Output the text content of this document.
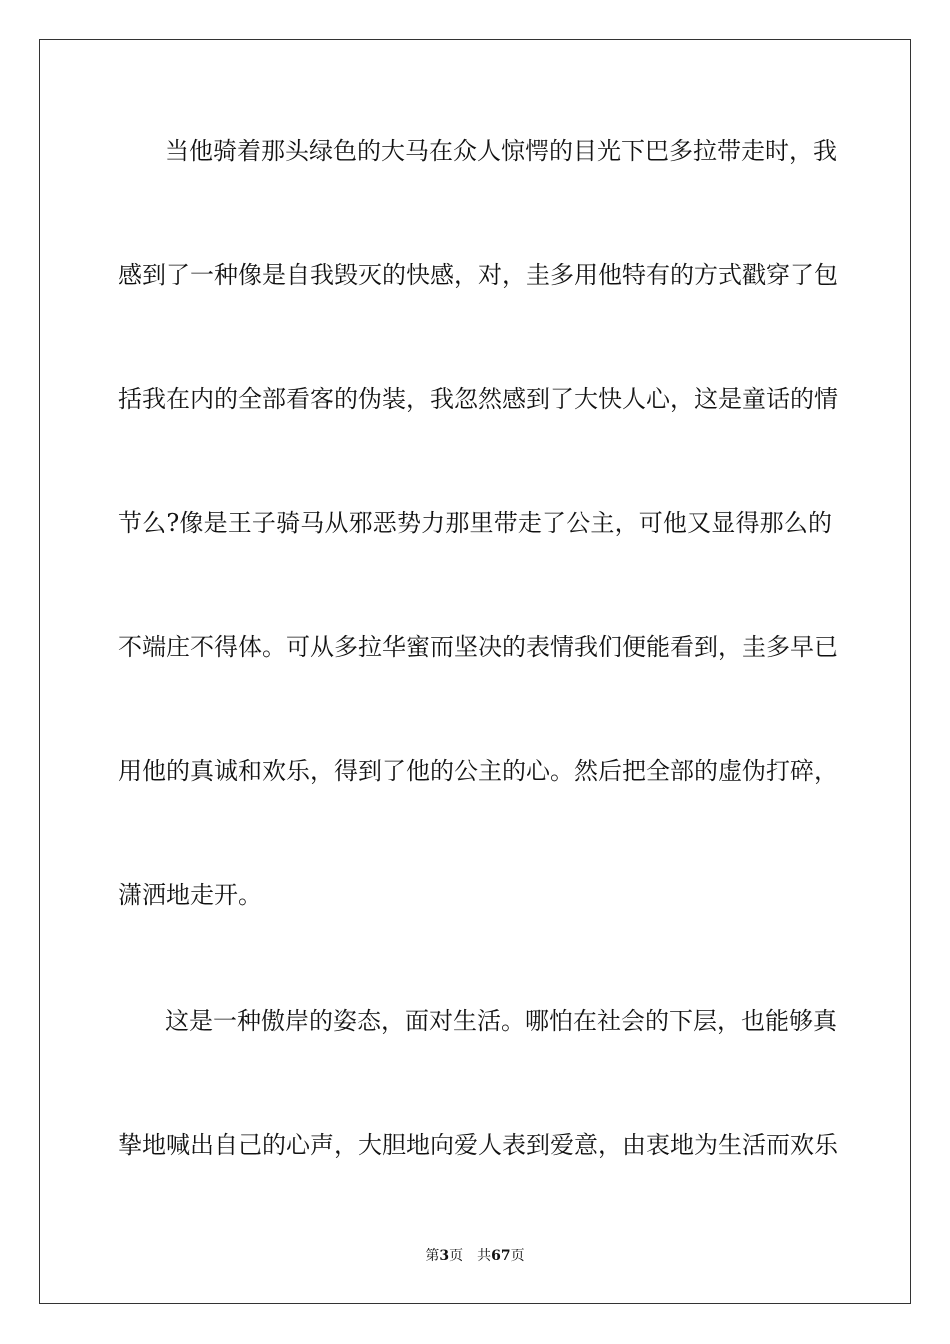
当他骑着那头绿色的大马在众人惊愕的目光下巴多拉带走时，我
感到了一种像是自我毁灭的快感，对，圭多用他特有的方式戳穿了包
括我在内的全部看客的伪装，我忽然感到了大快人心，这是童话的情
节么?像是王子骑马从邪恶势力那里带走了公主，可他又显得那么的
不端庄不得体。可从多拉华蜜而坚决的表情我们便能看到，圭多早已
用他的真诚和欢乐，得到了他的公主的心。然后把全部的虚伪打碎，
潇洒地走开。
这是一种傲岸的姿态，面对生活。哪怕在社会的下层，也能够真
挚地喊出自己的心声，大胆地向爱人表到爱意，由衷地为生活而欢乐
第3页 共67页
